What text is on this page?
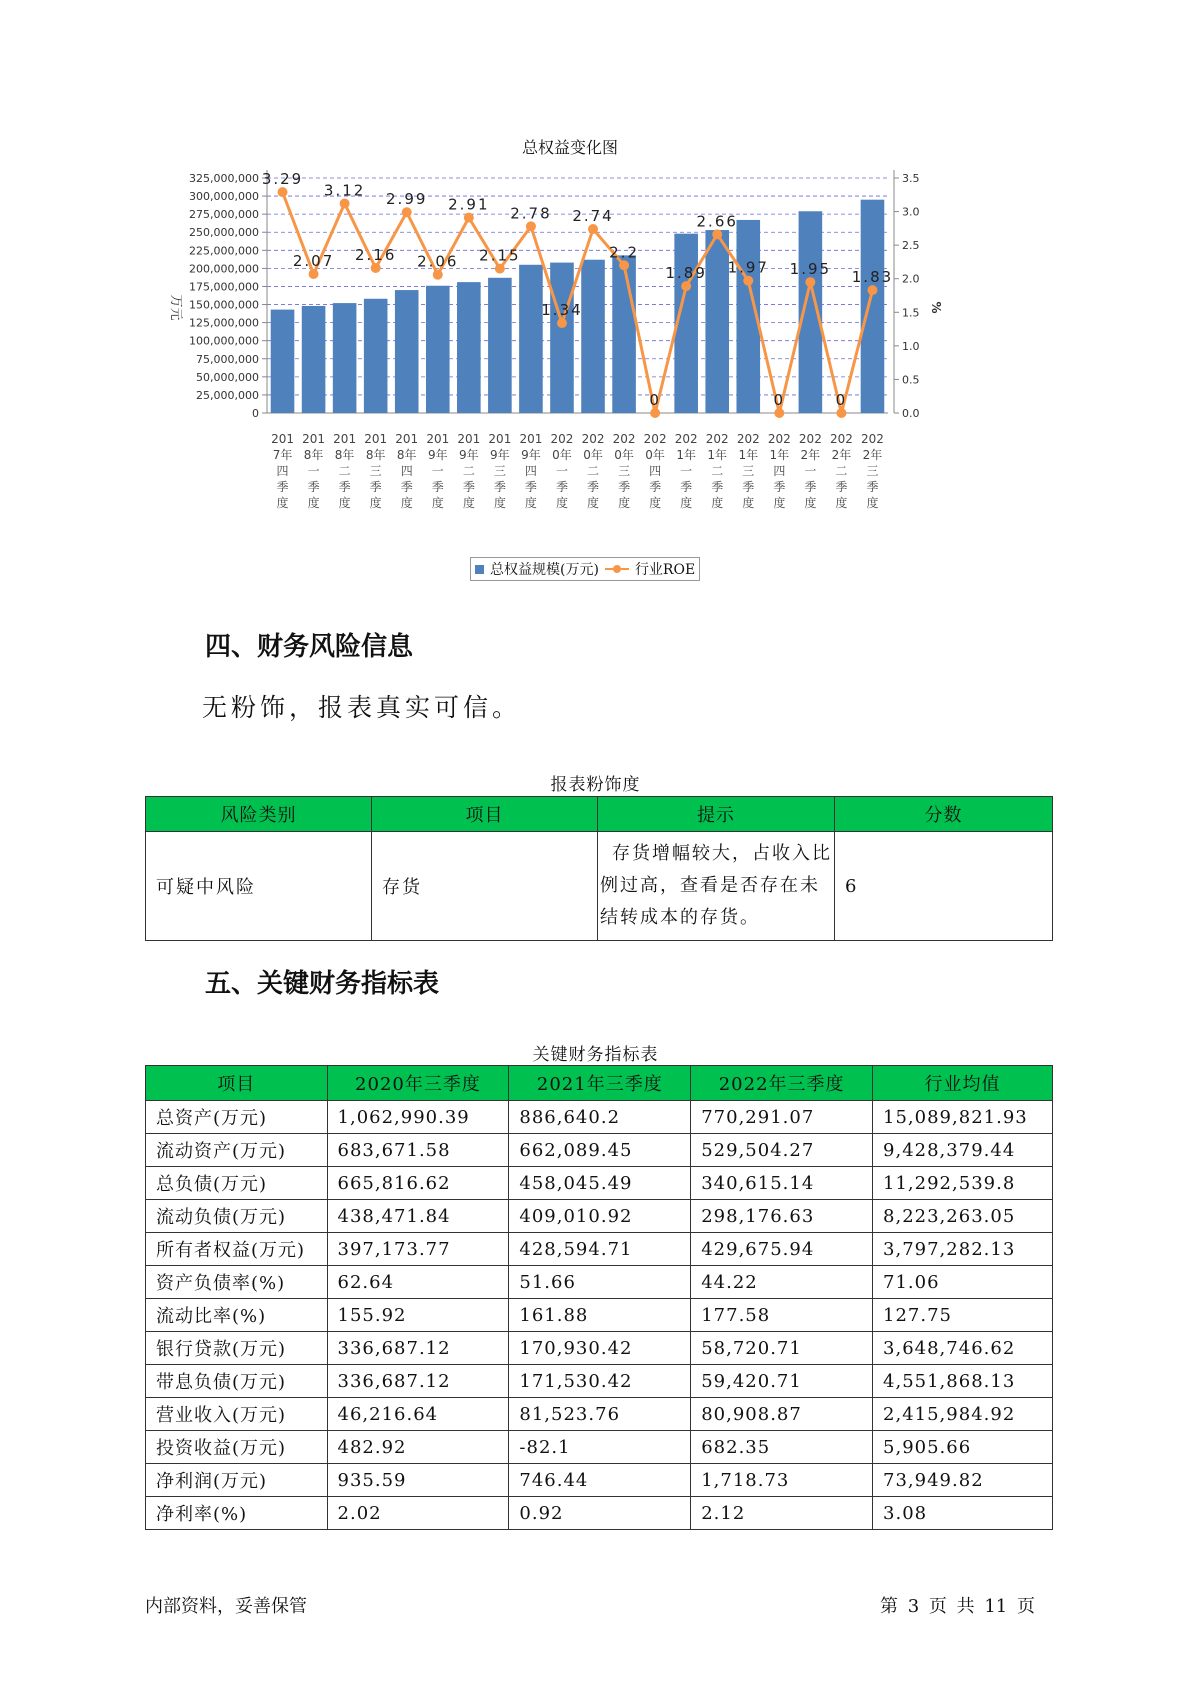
总权益变化图
325,000,000
300,000,000
275,000,000
250,000,000
225,000,000
200,000,000
175,000,000
150,000,000
125,000,000
100,000,000
75,000,000
50,000,000
25,000,000
0
3.5
3.0
2.5
2.0
1.5
1.0
0.5
0.0
万元	%
3.29
2.07
3.12
2.16
2.99
2.06
2.91
2.15
2.78
1.34
2.74
2.2
0
1.89
2.66
1.97
0
1.95
0
1.83
201 7年四季度
201 8年一季度
201 8年二季度
201 8年三季度
201 8年四季度
201 9年一季度
201 9年二季度
201 9年三季度
201 9年四季度
202 0年一季度
202 0年二季度
202 0年三季度
202 0年四季度
202 1年一季度
202 1年二季度
202 1年三季度
202 1年四季度
202 2年一季度
202 2年二季度
202 2年三季度
总权益规模(万元)	行业ROE
四、财务风险信息
无粉饰，报表真实可信。
报表粉饰度
风险类别	项目	提示	分数
可疑中风险	存货	存货增幅较大，占收入比
例过高，查看是否存在未
结转成本的存货。	6
五、关键财务指标表
关键财务指标表
项目	2020年三季度	2021年三季度	2022年三季度	行业均值
总资产(万元)	1,062,990.39	886,640.2	770,291.07	15,089,821.93
流动资产(万元)	683,671.58	662,089.45	529,504.27	9,428,379.44
总负债(万元)	665,816.62	458,045.49	340,615.14	11,292,539.8
流动负债(万元)	438,471.84	409,010.92	298,176.63	8,223,263.05
所有者权益(万元)	397,173.77	428,594.71	429,675.94	3,797,282.13
资产负债率(%)	62.64	51.66	44.22	71.06
流动比率(%)	155.92	161.88	177.58	127.75
银行贷款(万元)	336,687.12	170,930.42	58,720.71	3,648,746.62
带息负债(万元)	336,687.12	171,530.42	59,420.71	4,551,868.13
营业收入(万元)	46,216.64	81,523.76	80,908.87	2,415,984.92
投资收益(万元)	482.92	-82.1	682.35	5,905.66
净利润(万元)	935.59	746.44	1,718.73	73,949.82
净利率(%)	2.02	0.92	2.12	3.08
内部资料，妥善保管	第 3 页 共 11 页
